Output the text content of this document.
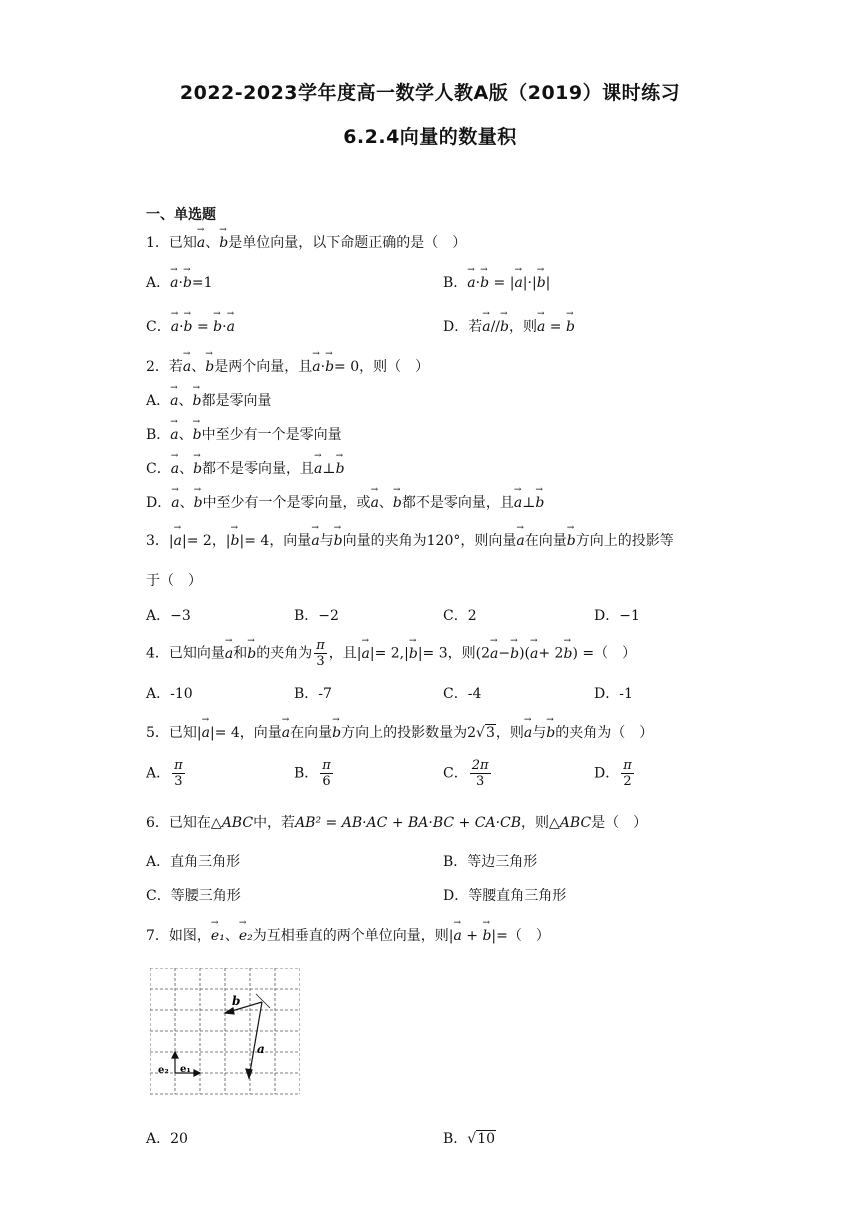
2022-2023学年度高一数学人教A版（2019）课时练习
6.2.4向量的数量积
一、单选题
1．已知→ a、→ b是单位向量，以下命题正确的是（　）
A．→ a·→ b=1	B．→ a·→ b = |→ a|·|→ b|
C．→ a·→ b = → b·→ a	D．若→ a//→ b，则→ a = → b
2．若→ a、→ b是两个向量，且→ a·→ b= 0，则（　）
A．→ a、→ b都是零向量
B．→ a、→ b中至少有一个是零向量
C．→ a、→ b都不是零向量，且→ a⊥→ b
D．→ a、→ b中至少有一个是零向量，或→ a、→ b都不是零向量，且→ a⊥→ b
3．|→ a|= 2，|→ b|= 4，向量→ a与→ b向量的夹角为120°，则向量→ a在向量→ b方向上的投影等
于（　）
A．−3	B．−2	C．2	D．−1
4．已知向量→ a和→ b的夹角为 $\frac{\pi}{3}$ ，且|→ a|= 2,|→ b|= 3，则(2→ a−→ b)(→ a+ 2→ b) =（　）
A．-10	B．-7	C．-4	D．-1
5．已知|→ a|= 4，向量→ a在向量→ b方向上的投影数量为2√3，则→ a与→ b的夹角为（　）
A． $\frac{\pi}{3}$	B． $\frac{\pi}{6}$	C． $\frac{2\pi}{3}$	D． $\frac{\pi}{2}$
6．已知在△ABC中，若AB² = AB·AC + BA·BC + CA·CB，则△ABC是（　）
A．直角三角形	B．等边三角形
C．等腰三角形	D．等腰直角三角形
7．如图，→ e₁、→ e₂为互相垂直的两个单位向量，则|→ a + → b|=（　）
b
a
e₂ e₁
A．20	B．√10
